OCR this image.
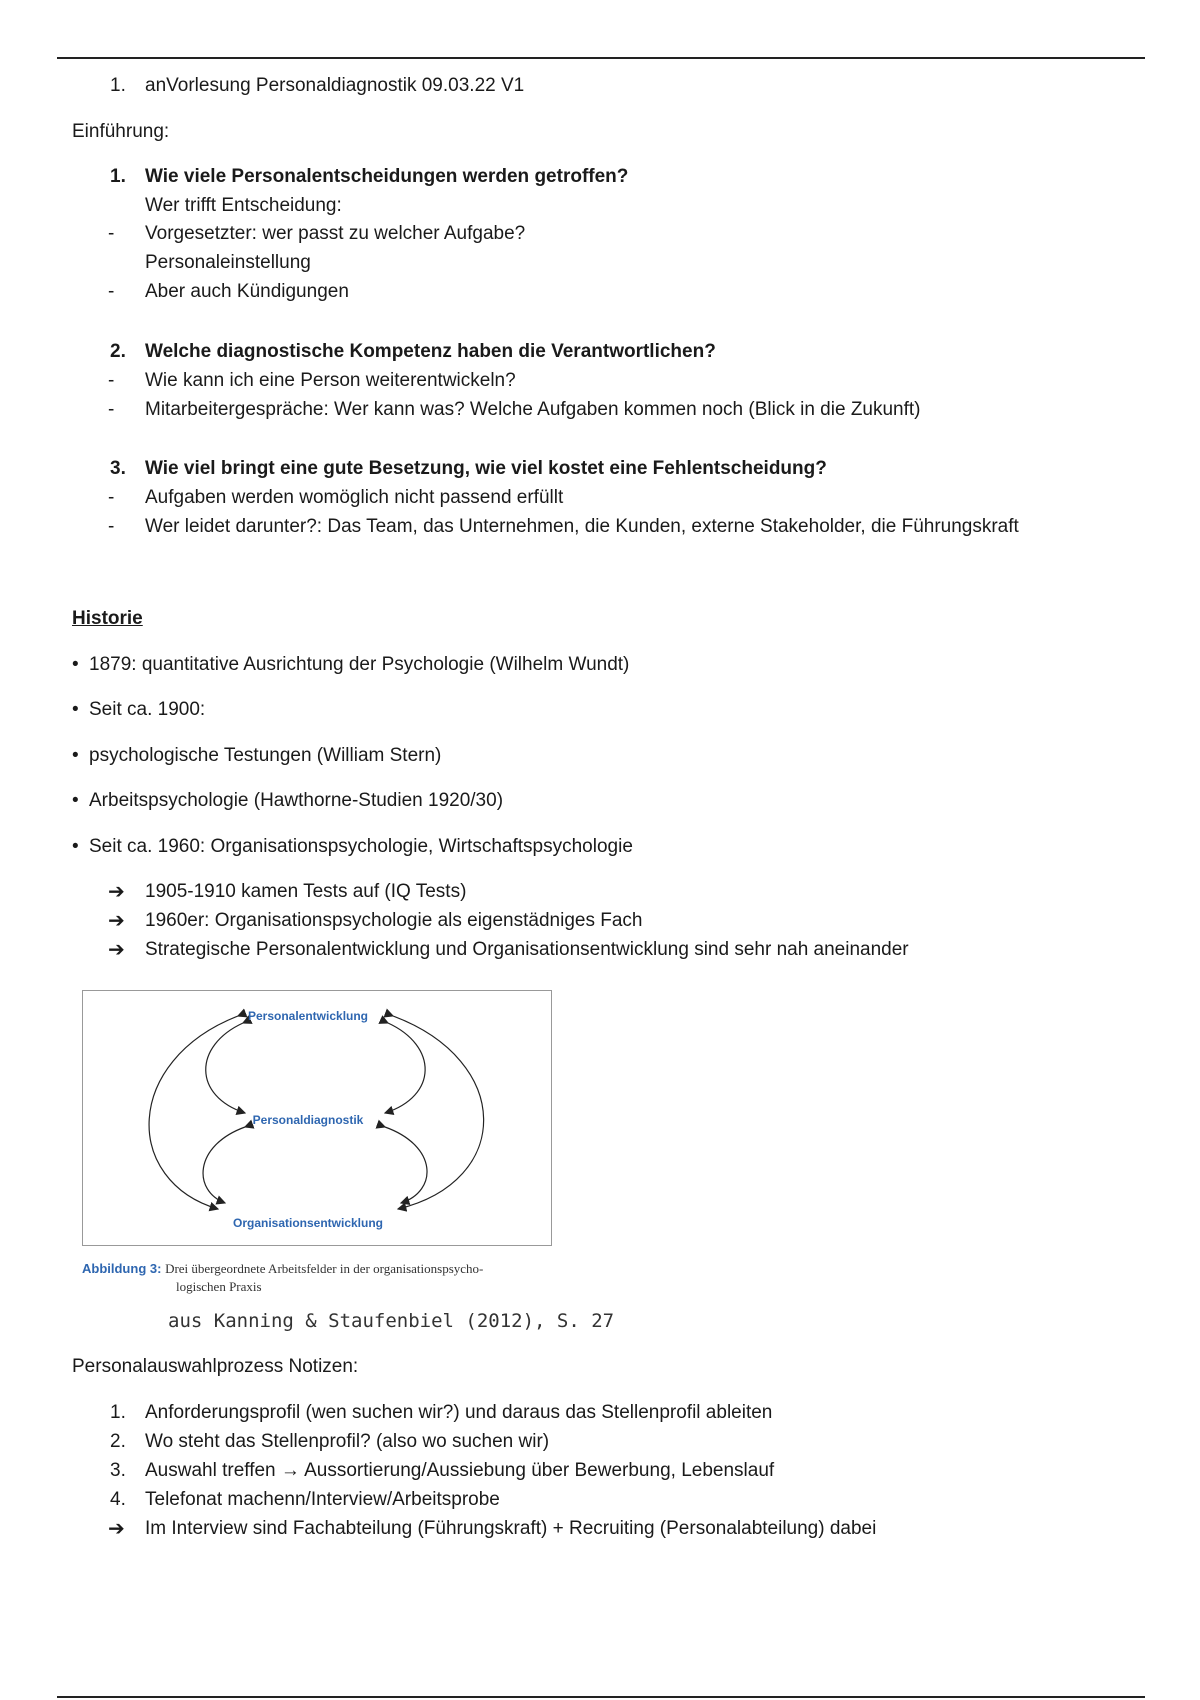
1.	anVorlesung Personaldiagnostik 09.03.22 V1
Einführung:
1.	Wie viele Personalentscheidungen werden getroffen?
Wer trifft Entscheidung:
- Vorgesetzter: wer passt zu welcher Aufgabe?
Personaleinstellung
- Aber auch Kündigungen
2.	Welche diagnostische Kompetenz haben die Verantwortlichen?
- Wie kann ich eine Person weiterentwickeln?
- Mitarbeitergespräche: Wer kann was? Welche Aufgaben kommen noch (Blick in die Zukunft)
3.	Wie viel bringt eine gute Besetzung, wie viel kostet eine Fehlentscheidung?
- Aufgaben werden womöglich nicht passend erfüllt
- Wer leidet darunter?: Das Team, das Unternehmen, die Kunden, externe Stakeholder, die Führungskraft
Historie
• 1879: quantitative Ausrichtung der Psychologie (Wilhelm Wundt)
• Seit ca. 1900:
• psychologische Testungen (William Stern)
• Arbeitspsychologie (Hawthorne-Studien 1920/30)
• Seit ca. 1960: Organisationspsychologie, Wirtschaftspsychologie
➔ 1905-1910 kamen Tests auf (IQ Tests)
➔ 1960er: Organisationspsychologie als eigenstädniges Fach
➔ Strategische Personalentwicklung und Organisationsentwicklung sind sehr nah aneinander
Personalentwicklung
Personaldiagnostik
Organisationsentwicklung
Abbildung 3: Drei übergeordnete Arbeitsfelder in der organisationspsycho-
logischen Praxis
aus Kanning & Staufenbiel (2012), S. 27
Personalauswahlprozess Notizen:
1.	Anforderungsprofil (wen suchen wir?) und daraus das Stellenprofil ableiten
2.	Wo steht das Stellenprofil? (also wo suchen wir)
3.	Auswahl treffen → Aussortierung/Aussiebung über Bewerbung, Lebenslauf
4.	Telefonat machenn/Interview/Arbeitsprobe
➔ Im Interview sind Fachabteilung (Führungskraft) + Recruiting (Personalabteilung) dabei
